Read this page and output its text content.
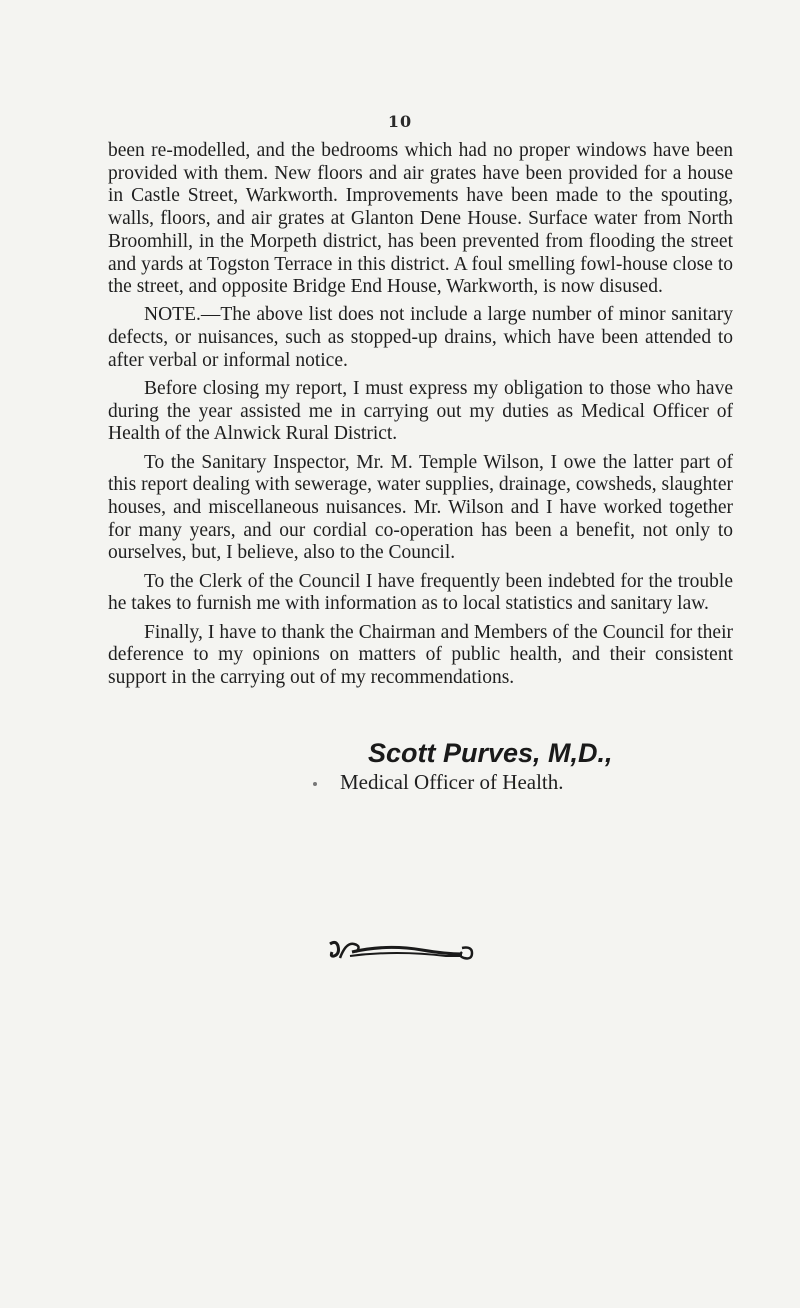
10

been re-modelled, and the bedrooms which had no proper windows have been provided with them. New floors and air grates have been provided for a house in Castle Street, Warkworth. Improvements have been made to the spouting, walls, floors, and air grates at Glanton Dene House. Surface water from North Broomhill, in the Morpeth district, has been prevented from flooding the street and yards at Togston Terrace in this district. A foul smelling fowl-house close to the street, and opposite Bridge End House, Warkworth, is now disused.

NOTE.—The above list does not include a large number of minor sanitary defects, or nuisances, such as stopped-up drains, which have been attended to after verbal or informal notice.

Before closing my report, I must express my obligation to those who have during the year assisted me in carrying out my duties as Medical Officer of Health of the Alnwick Rural District.

To the Sanitary Inspector, Mr. M. Temple Wilson, I owe the latter part of this report dealing with sewerage, water supplies, drainage, cowsheds, slaughter houses, and miscellaneous nuisances. Mr. Wilson and I have worked together for many years, and our cordial co-operation has been a benefit, not only to ourselves, but, I believe, also to the Council.

To the Clerk of the Council I have frequently been indebted for the trouble he takes to furnish me with information as to local statistics and sanitary law.

Finally, I have to thank the Chairman and Members of the Council for their deference to my opinions on matters of public health, and their consistent support in the carrying out of my recommendations.

Scott Purves, M,D.,
Medical Officer of Health.
